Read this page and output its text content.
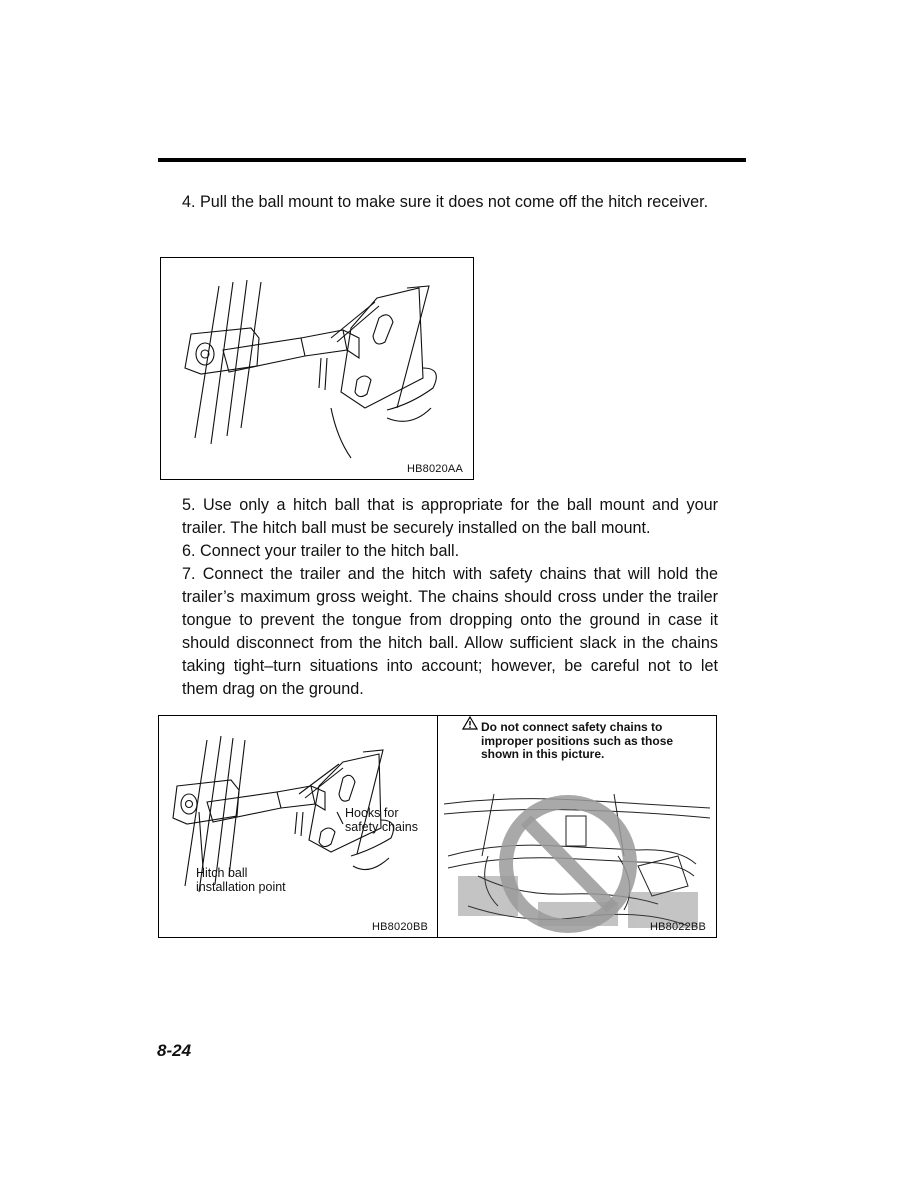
4. Pull the ball mount to make sure it does not come off the hitch receiver.
HB8020AA
5. Use only a hitch ball that is appropriate for the ball mount and your trailer. The hitch ball must be securely installed on the ball mount.
6. Connect your trailer to the hitch ball.
7. Connect the trailer and the hitch with safety chains that will hold the trailer’s maximum gross weight. The chains should cross under the trailer tongue to prevent the tongue from dropping onto the ground in case it should disconnect from the hitch ball. Allow sufficient slack in the chains taking tight–turn situations into account; however, be careful not to let them drag on the ground.
Hooks for safety chains
Hitch ball installation point
HB8020BB
Do not connect safety chains to improper positions such as those shown in this picture.
HB8022BB
8-24
